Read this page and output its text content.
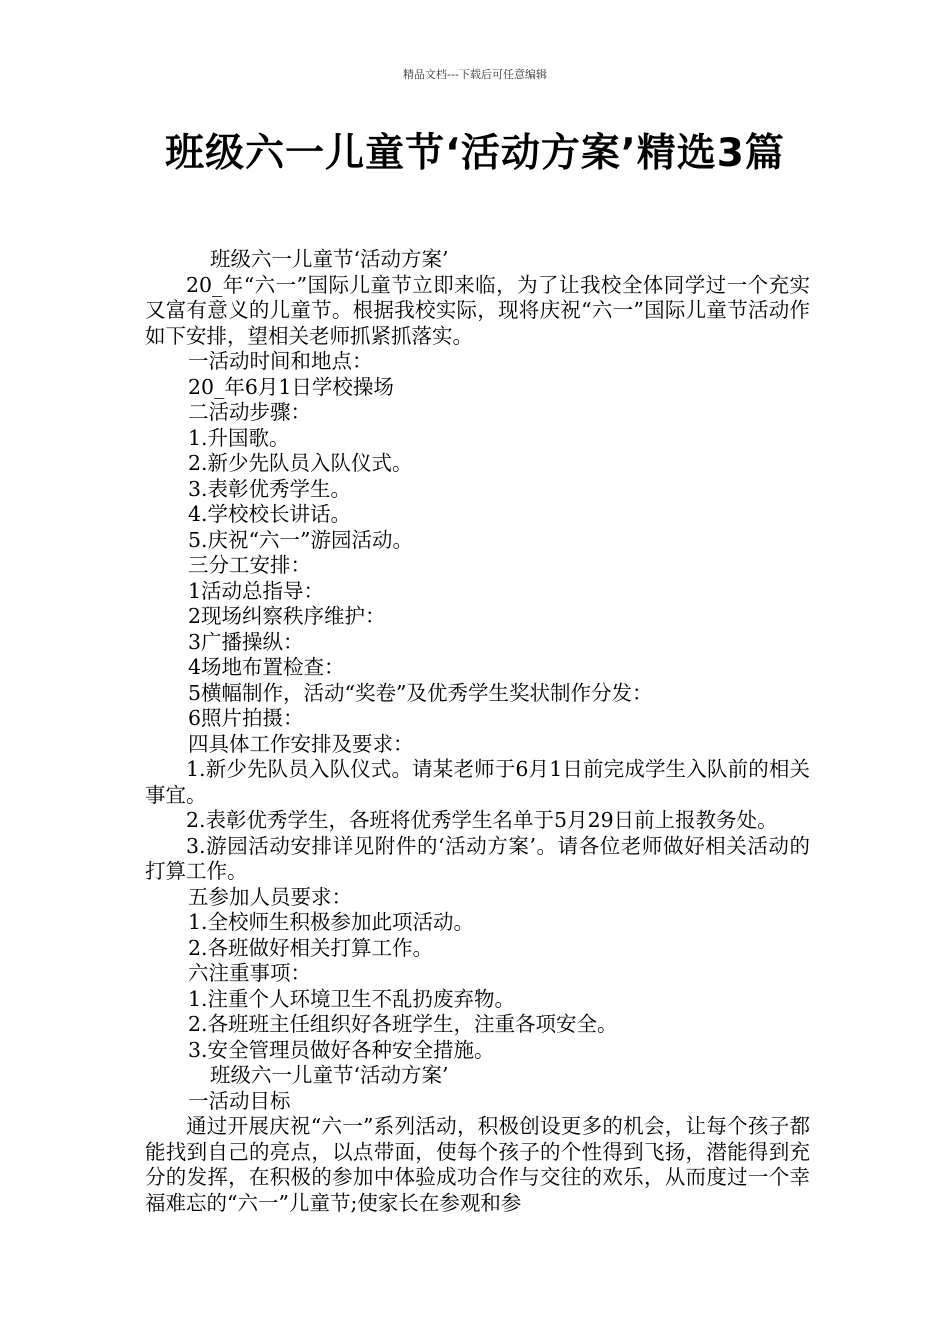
精品文档---下载后可任意编辑
班级六一儿童节‘活动方案’精选3篇
班级六一儿童节‘活动方案’
20_年“六一”国际儿童节立即来临，为了让我校全体同学过一个充实又富有意义的儿童节。根据我校实际，现将庆祝“六一”国际儿童节活动作如下安排，望相关老师抓紧抓落实。
一活动时间和地点：
20_年6月1日学校操场
二活动步骤：
1.升国歌。
2.新少先队员入队仪式。
3.表彰优秀学生。
4.学校校长讲话。
5.庆祝“六一”游园活动。
三分工安排：
1活动总指导：
2现场纠察秩序维护：
3广播操纵：
4场地布置检查：
5横幅制作，活动“奖卷”及优秀学生奖状制作分发：
6照片拍摄：
四具体工作安排及要求：
1.新少先队员入队仪式。请某老师于6月1日前完成学生入队前的相关事宜。
2.表彰优秀学生，各班将优秀学生名单于5月29日前上报教务处。
3.游园活动安排详见附件的‘活动方案’。请各位老师做好相关活动的打算工作。
五参加人员要求：
1.全校师生积极参加此项活动。
2.各班做好相关打算工作。
六注重事项：
1.注重个人环境卫生不乱扔废弃物。
2.各班班主任组织好各班学生，注重各项安全。
3.安全管理员做好各种安全措施。
班级六一儿童节‘活动方案’
一活动目标
通过开展庆祝“六一”系列活动，积极创设更多的机会，让每个孩子都能找到自己的亮点，以点带面，使每个孩子的个性得到飞扬，潜能得到充分的发挥，在积极的参加中体验成功合作与交往的欢乐，从而度过一个幸福难忘的“六一”儿童节;使家长在参观和参
